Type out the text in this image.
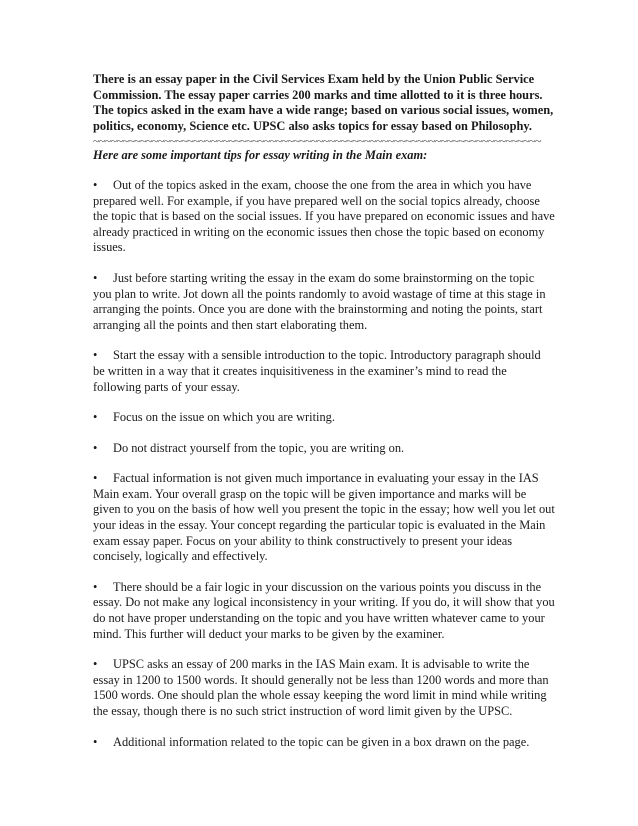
There is an essay paper in the Civil Services Exam held by the Union Public Service Commission. The essay paper carries 200 marks and time allotted to it is three hours. The topics asked in the exam have a wide range; based on various social issues, women, politics, economy, Science etc. UPSC also asks topics for essay based on Philosophy.

~~~~~~~~~~~~~~~~~~~~~~~~~~~~~~~~~~~~~~~~~~~~~~~~~~~~~~~~~~~~~~~~~~~~~~~~~~~~

Here are some important tips for essay writing in the Main exam:

• Out of the topics asked in the exam, choose the one from the area in which you have prepared well. For example, if you have prepared well on the social topics already, choose the topic that is based on the social issues. If you have prepared on economic issues and have already practiced in writing on the economic issues then chose the topic based on economy issues.

• Just before starting writing the essay in the exam do some brainstorming on the topic you plan to write. Jot down all the points randomly to avoid wastage of time at this stage in arranging the points. Once you are done with the brainstorming and noting the points, start arranging all the points and then start elaborating them.

• Start the essay with a sensible introduction to the topic. Introductory paragraph should be written in a way that it creates inquisitiveness in the examiner’s mind to read the following parts of your essay.

• Focus on the issue on which you are writing.

• Do not distract yourself from the topic, you are writing on.

• Factual information is not given much importance in evaluating your essay in the IAS Main exam. Your overall grasp on the topic will be given importance and marks will be given to you on the basis of how well you present the topic in the essay; how well you let out your ideas in the essay. Your concept regarding the particular topic is evaluated in the Main exam essay paper. Focus on your ability to think constructively to present your ideas concisely, logically and effectively.

• There should be a fair logic in your discussion on the various points you discuss in the essay. Do not make any logical inconsistency in your writing. If you do, it will show that you do not have proper understanding on the topic and you have written whatever came to your mind. This further will deduct your marks to be given by the examiner.

• UPSC asks an essay of 200 marks in the IAS Main exam. It is advisable to write the essay in 1200 to 1500 words. It should generally not be less than 1200 words and more than 1500 words. One should plan the whole essay keeping the word limit in mind while writing the essay, though there is no such strict instruction of word limit given by the UPSC.

• Additional information related to the topic can be given in a box drawn on the page.
